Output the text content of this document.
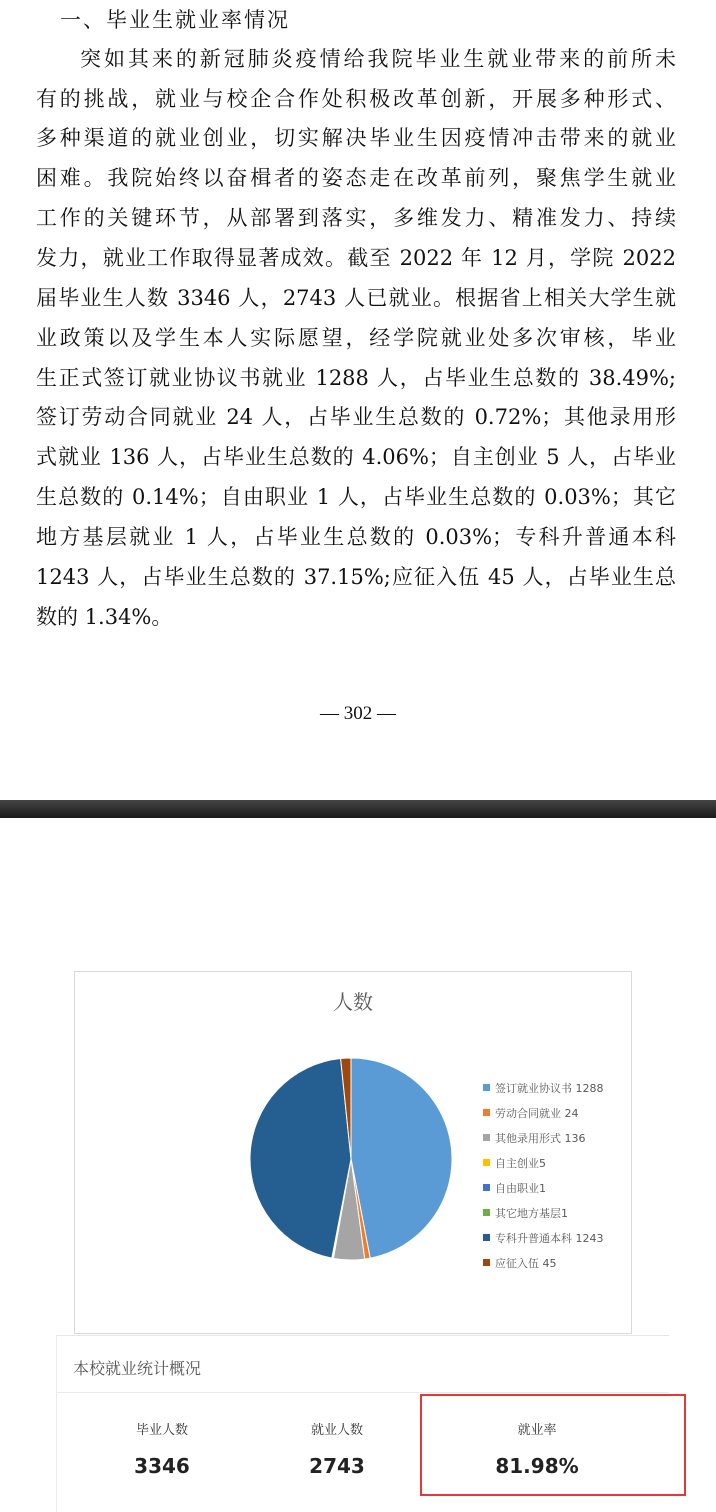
一、毕业生就业率情况
突如其来的新冠肺炎疫情给我院毕业生就业带来的前所未
有的挑战，就业与校企合作处积极改革创新，开展多种形式、
多种渠道的就业创业，切实解决毕业生因疫情冲击带来的就业
困难。我院始终以奋楫者的姿态走在改革前列，聚焦学生就业
工作的关键环节，从部署到落实，多维发力、精准发力、持续
发力，就业工作取得显著成效。截至 2022 年 12 月，学院 2022
届毕业生人数 3346 人，2743 人已就业。根据省上相关大学生就
业政策以及学生本人实际愿望，经学院就业处多次审核，毕业
生正式签订就业协议书就业 1288 人，占毕业生总数的 38.49%;
签订劳动合同就业 24 人，占毕业生总数的 0.72%；其他录用形
式就业 136 人，占毕业生总数的 4.06%；自主创业 5 人，占毕业
生总数的 0.14%；自由职业 1 人，占毕业生总数的 0.03%；其它
地方基层就业 1 人，占毕业生总数的 0.03%；专科升普通本科
1243 人，占毕业生总数的 37.15%;应征入伍 45 人，占毕业生总
数的 1.34%。
— 302 —
人数
签订就业协议书 1288
劳动合同就业 24
其他录用形式 136
自主创业5
自由职业1
其它地方基层1
专科升普通本科 1243
应征入伍 45
本校就业统计概况
毕业人数
3346
就业人数
2743
就业率
81.98%
